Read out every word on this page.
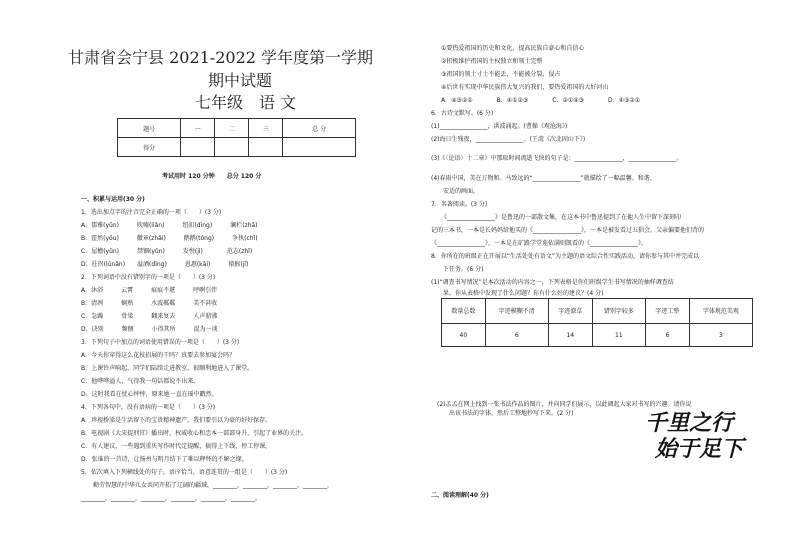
甘肃省会宁县 2021-2022 学年度第一学期
期中试题
七年级　语 文
题号	一	二	三	总 分
得分				
考试用时 120 分钟　　总分 120 分
一、积累与运用(30 分)
1．选出加点字的注音完全正确的一项（　　）(3 分)
A．儒雅(yǔn)　　　吹嘘(liǎn)　　　纽扣(dìng)　　　澜栏(zhā)
B．霍然(yǒu)　　　徽章(zhǎi)　　　鹅鹅(tǒng)　　　争执(chǐ)
C．屋檐(yǔn)　　　禁锢(yǔn)　　　发髻(jì)　　　　范志(zhǐ)
D．拄拐(lúnǎn)　　溢洒(dìng)　　　恩惠(kǎi)　　　猿猴(jī)
2．下列词语中没有错别字的一项是（　　）(3 分)
A．沐浴　　　云霄　　　痕痕不堪　　　呼啊引伴
B．清冽　　　娴熟　　　水波粼粼　　　美不甚收
C．急躁　　　骨梁　　　翻来复去　　　人声鼎沸
D．诀别　　　频侧　　　小得其所　　　混为一谈
3．下列句子中加点的词语使用错误的一项是（　　）(3 分)
A．今天你穿得这么花枝招展的干吗？真要去参加宴会吗？
B．上课铃声响起，同学们陆续走进教室，很顺利地进入了课堂。
C．他哗哗溢人，气得我一句话都说不出来。
D．这时我看在忧心忡忡，原来她一直在瑶中戳然。
4．下列各句中，没有语病的一项是（　　）(3 分)
A．珍视桥梁是生活留下的宝贵精神遗产，我们要引以为豪的好好保存。
B．电视剧《大宋提刑官》播出时，权威收心和忠本一部部身升，引起了业界的关注。
C．有人建议，一些遇到重庆写作时代定提醒，搞得上下线，停工停课。
D．张谁的一首诗，让扬州与明月结下了难以释怀的不解之缘。
5．依次填入下列横线处的句子，语序恰当，语意连贯的一组是（　　）(3 分)
　　勤劳智慧的中华儿女共同开拓了辽阔的疆域，________，________，________，________，
________，________，________，________，________，________。
①要热爱祖国的历史和文化，提高民族自豪心和自信心
②积极维护祖国的主权独立和领土完整
③祖国的领土寸土不能丢，不能被分裂、侵占
④后世有实现中华民族伟大复兴的我们，要热爱祖国的大好河山
A．④③②①　　　　B．④①②③　　　　C．②①④③　　　　D．④③②①
6．古诗文默写。(6 分)
(1)________________，洪波涌起。(曹操《观沧海》)
(2)海日生残夜，________________。(王湾《次北固山下》)
(3)《〈论语〉十二章》中那取时间流逝飞快的句子是：________________，________________。
(4)春雨中国，美在万物和。马致远的“________________”就描绘了一幅温馨、和谐、
　　安适的画面。
7．名著阅读。(3 分)
《________________》是鲁迅的一部散文集，在这本书中鲁迅提到了在他人生中留下深刻印
记的三本书，一本是长妈妈给他买的《________________》，一本是被发看过五猖会，父亲偏要他们背的
《________________》，一本是在矿路学堂苑依满则凯看的《________________》。
8．你所在的班级正在开展以“生活处处有语文”为主题的语文综合性实践活动，请你参与其中并完成以
　　下任务。(6 分)
(1)“调查书写情况”是本次活动的内容之一，下列表格是你们班级学生书写情况的抽样调查结
　　果。你从表格中发现了什么问题？你有什么好的建议？(4 分)
数量总数	字迹模糊不清	字迹潦草	错别字较多	字迹工整	字体规范美观
40	6	14	11	6	3
(2)孟孟在网上找到一张书法作品的图片，并向同学们展示，以此调起大家对书写的兴趣。请你说
　　出该书法的字体，然后工整地抄写下来。(2 分)	千里之行
始于足下
二、阅读理解(40 分)
